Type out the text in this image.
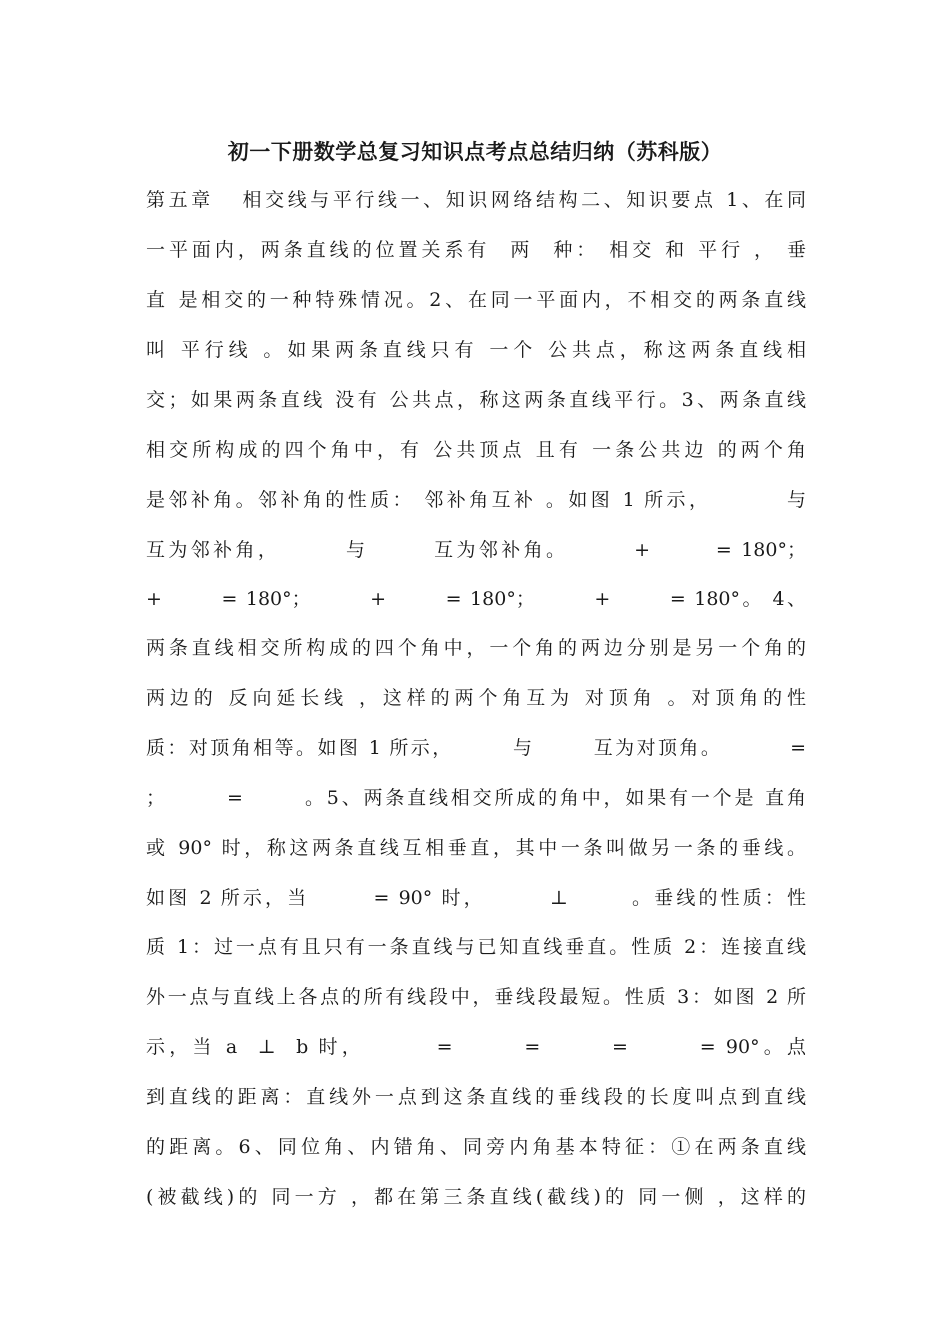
初一下册数学总复习知识点考点总结归纳（苏科版）
第五章   相交线与平行线一、知识网络结构二、知识要点 1、在同
一平面内，两条直线的位置关系有  两  种： 相交 和 平行 ， 垂
直 是相交的一种特殊情况。2、在同一平面内，不相交的两条直线
叫 平行线 。如果两条直线只有 一个 公共点，称这两条直线相
交；如果两条直线 没有 公共点，称这两条直线平行。3、两条直线
相交所构成的四个角中，有 公共顶点 且有 一条公共边 的两个角
是邻补角。邻补角的性质： 邻补角互补 。如图 1 所示，        与
互为邻补角，       与       互为邻补角。       +       = 180°；
+       = 180°；       +       = 180°；       +       = 180°。 4、
两条直线相交所构成的四个角中，一个角的两边分别是另一个角的
两边的 反向延长线 ，这样的两个角互为 对顶角 。对顶角的性
质：对顶角相等。如图 1 所示，       与       互为对顶角。        =
；       =       。5、两条直线相交所成的角中，如果有一个是 直角
或 90° 时，称这两条直线互相垂直，其中一条叫做另一条的垂线。
如图 2 所示，当       = 90° 时，       ⊥       。垂线的性质：性
质 1：过一点有且只有一条直线与已知直线垂直。性质 2：连接直线
外一点与直线上各点的所有线段中，垂线段最短。性质 3：如图 2 所
示，当 a  ⊥  b 时，       =       =       =       = 90°。点
到直线的距离：直线外一点到这条直线的垂线段的长度叫点到直线
的距离。6、同位角、内错角、同旁内角基本特征：①在两条直线
(被截线)的 同一方 ，都在第三条直线(截线)的 同一侧 ，这样的
